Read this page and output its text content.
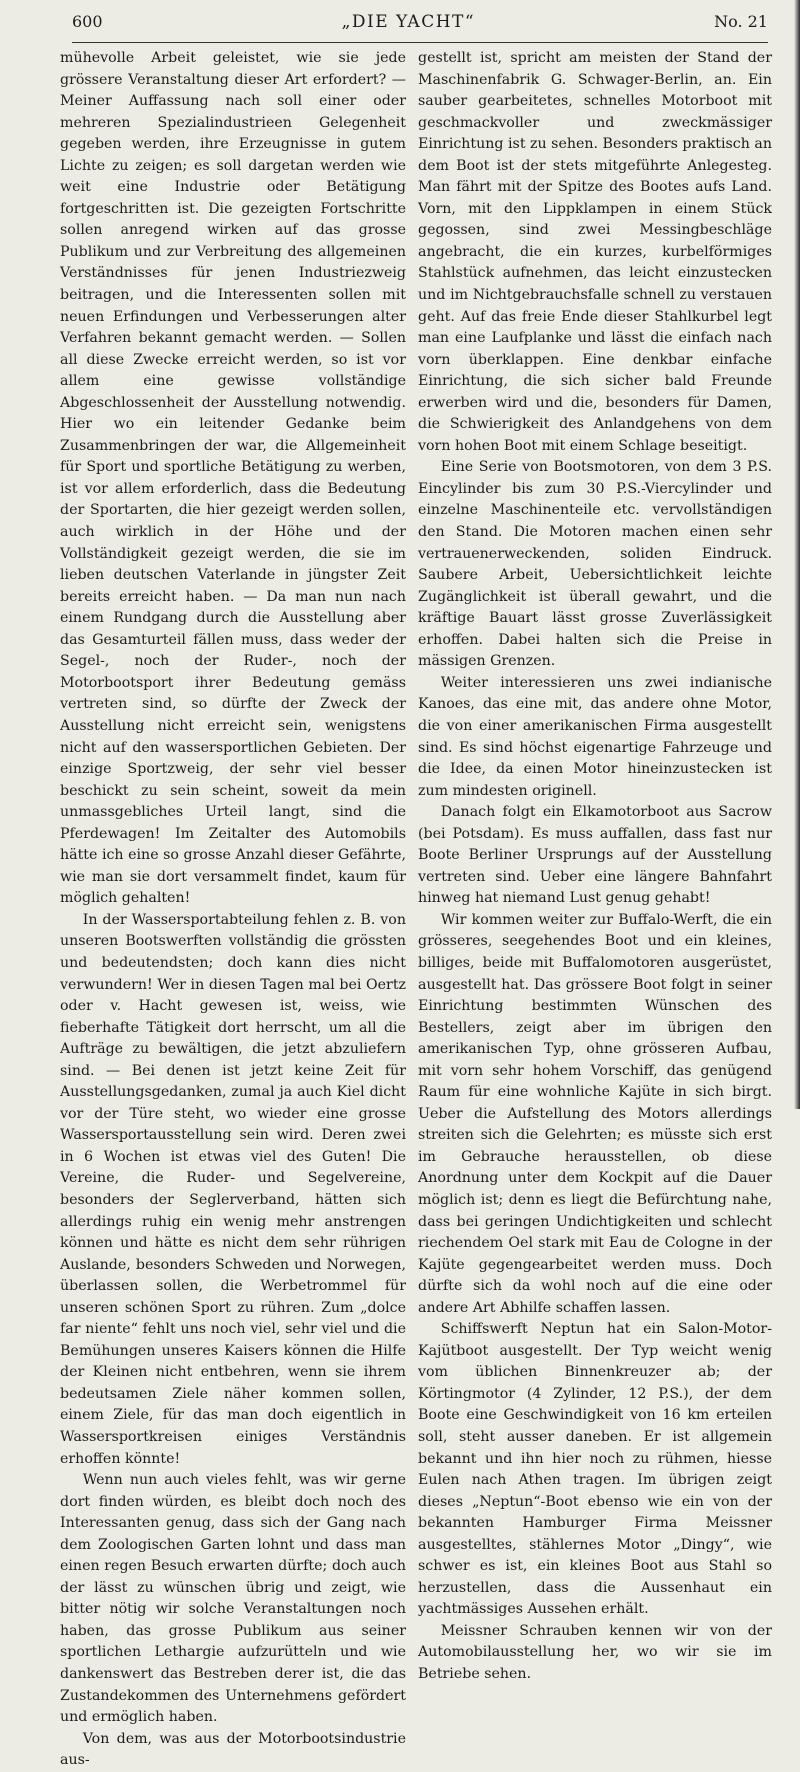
600	„DIE YACHT“	No. 21

mühevolle Arbeit geleistet, wie sie jede grössere Veranstaltung dieser Art erfordert? — Meiner Auffassung nach soll einer oder mehreren Spezialindustrieen Gelegenheit gegeben werden, ihre Erzeugnisse in gutem Lichte zu zeigen; es soll dargetan werden wie weit eine Industrie oder Betätigung fortgeschritten ist. Die gezeigten Fortschritte sollen anregend wirken auf das grosse Publikum und zur Verbreitung des allgemeinen Verständnisses für jenen Industriezweig beitragen, und die Interessenten sollen mit neuen Erfindungen und Verbesserungen alter Verfahren bekannt gemacht werden. — Sollen all diese Zwecke erreicht werden, so ist vor allem eine gewisse vollständige Abgeschlossenheit der Ausstellung notwendig. Hier wo ein leitender Gedanke beim Zusammenbringen der war, die Allgemeinheit für Sport und sportliche Betätigung zu werben, ist vor allem erforderlich, dass die Bedeutung der Sportarten, die hier gezeigt werden sollen, auch wirklich in der Höhe und der Vollständigkeit gezeigt werden, die sie im lieben deutschen Vaterlande in jüngster Zeit bereits erreicht haben. — Da man nun nach einem Rundgang durch die Ausstellung aber das Gesamturteil fällen muss, dass weder der Segel-, noch der Ruder-, noch der Motorbootsport ihrer Bedeutung gemäss vertreten sind, so dürfte der Zweck der Ausstellung nicht erreicht sein, wenigstens nicht auf den wassersportlichen Gebieten. Der einzige Sportzweig, der sehr viel besser beschickt zu sein scheint, soweit da mein unmassgebliches Urteil langt, sind die Pferdewagen! Im Zeitalter des Automobils hätte ich eine so grosse Anzahl dieser Gefährte, wie man sie dort versammelt findet, kaum für möglich gehalten!

In der Wassersportabteilung fehlen z. B. von unseren Bootswerften vollständig die grössten und bedeutendsten; doch kann dies nicht verwundern! Wer in diesen Tagen mal bei Oertz oder v. Hacht gewesen ist, weiss, wie fieberhafte Tätigkeit dort herrscht, um all die Aufträge zu bewältigen, die jetzt abzuliefern sind. — Bei denen ist jetzt keine Zeit für Ausstellungsgedanken, zumal ja auch Kiel dicht vor der Türe steht, wo wieder eine grosse Wassersportausstellung sein wird. Deren zwei in 6 Wochen ist etwas viel des Guten! Die Vereine, die Ruder- und Segelvereine, besonders der Seglerverband, hätten sich allerdings ruhig ein wenig mehr anstrengen können und hätte es nicht dem sehr rührigen Auslande, besonders Schweden und Norwegen, überlassen sollen, die Werbetrommel für unseren schönen Sport zu rühren. Zum „dolce far niente“ fehlt uns noch viel, sehr viel und die Bemühungen unseres Kaisers können die Hilfe der Kleinen nicht entbehren, wenn sie ihrem bedeutsamen Ziele näher kommen sollen, einem Ziele, für das man doch eigentlich in Wassersportkreisen einiges Verständnis erhoffen könnte!

Wenn nun auch vieles fehlt, was wir gerne dort finden würden, es bleibt doch noch des Interessanten genug, dass sich der Gang nach dem Zoologischen Garten lohnt und dass man einen regen Besuch erwarten dürfte; doch auch der lässt zu wünschen übrig und zeigt, wie bitter nötig wir solche Veranstaltungen noch haben, das grosse Publikum aus seiner sportlichen Lethargie aufzurütteln und wie dankenswert das Bestreben derer ist, die das Zustandekommen des Unternehmens gefördert und ermöglich haben.

Von dem, was aus der Motorbootsindustrie aus-

gestellt ist, spricht am meisten der Stand der Maschinenfabrik G. Schwager-Berlin, an. Ein sauber gearbeitetes, schnelles Motorboot mit geschmackvoller und zweckmässiger Einrichtung ist zu sehen. Besonders praktisch an dem Boot ist der stets mitgeführte Anlegesteg. Man fährt mit der Spitze des Bootes aufs Land. Vorn, mit den Lippklampen in einem Stück gegossen, sind zwei Messingbeschläge angebracht, die ein kurzes, kurbelförmiges Stahlstück aufnehmen, das leicht einzustecken und im Nichtgebrauchsfalle schnell zu verstauen geht. Auf das freie Ende dieser Stahlkurbel legt man eine Laufplanke und lässt die einfach nach vorn überklappen. Eine denkbar einfache Einrichtung, die sich sicher bald Freunde erwerben wird und die, besonders für Damen, die Schwierigkeit des Anlandgehens von dem vorn hohen Boot mit einem Schlage beseitigt.

Eine Serie von Bootsmotoren, von dem 3 P.S. Eincylinder bis zum 30 P.S.-Viercylinder und einzelne Maschinenteile etc. vervollständigen den Stand. Die Motoren machen einen sehr vertrauenerweckenden, soliden Eindruck. Saubere Arbeit, Uebersichtlichkeit leichte Zugänglichkeit ist überall gewahrt, und die kräftige Bauart lässt grosse Zuverlässigkeit erhoffen. Dabei halten sich die Preise in mässigen Grenzen.

Weiter interessieren uns zwei indianische Kanoes, das eine mit, das andere ohne Motor, die von einer amerikanischen Firma ausgestellt sind. Es sind höchst eigenartige Fahrzeuge und die Idee, da einen Motor hineinzustecken ist zum mindesten originell.

Danach folgt ein Elkamotorboot aus Sacrow (bei Potsdam). Es muss auffallen, dass fast nur Boote Berliner Ursprungs auf der Ausstellung vertreten sind. Ueber eine längere Bahnfahrt hinweg hat niemand Lust genug gehabt!

Wir kommen weiter zur Buffalo-Werft, die ein grösseres, seegehendes Boot und ein kleines, billiges, beide mit Buffalomotoren ausgerüstet, ausgestellt hat. Das grössere Boot folgt in seiner Einrichtung bestimmten Wünschen des Bestellers, zeigt aber im übrigen den amerikanischen Typ, ohne grösseren Aufbau, mit vorn sehr hohem Vorschiff, das genügend Raum für eine wohnliche Kajüte in sich birgt. Ueber die Aufstellung des Motors allerdings streiten sich die Gelehrten; es müsste sich erst im Gebrauche herausstellen, ob diese Anordnung unter dem Kockpit auf die Dauer möglich ist; denn es liegt die Befürchtung nahe, dass bei geringen Undichtigkeiten und schlecht riechendem Oel stark mit Eau de Cologne in der Kajüte gegengearbeitet werden muss. Doch dürfte sich da wohl noch auf die eine oder andere Art Abhilfe schaffen lassen.

Schiffswerft Neptun hat ein Salon-Motor-Kajütboot ausgestellt. Der Typ weicht wenig vom üblichen Binnenkreuzer ab; der Körtingmotor (4 Zylinder, 12 P.S.), der dem Boote eine Geschwindigkeit von 16 km erteilen soll, steht ausser daneben. Er ist allgemein bekannt und ihn hier noch zu rühmen, hiesse Eulen nach Athen tragen. Im übrigen zeigt dieses „Neptun“-Boot ebenso wie ein von der bekannten Hamburger Firma Meissner ausgestelltes, stählernes Motor „Dingy“, wie schwer es ist, ein kleines Boot aus Stahl so herzustellen, dass die Aussenhaut ein yachtmässiges Aussehen erhält.

Meissner Schrauben kennen wir von der Automobilausstellung her, wo wir sie im Betriebe sehen.
